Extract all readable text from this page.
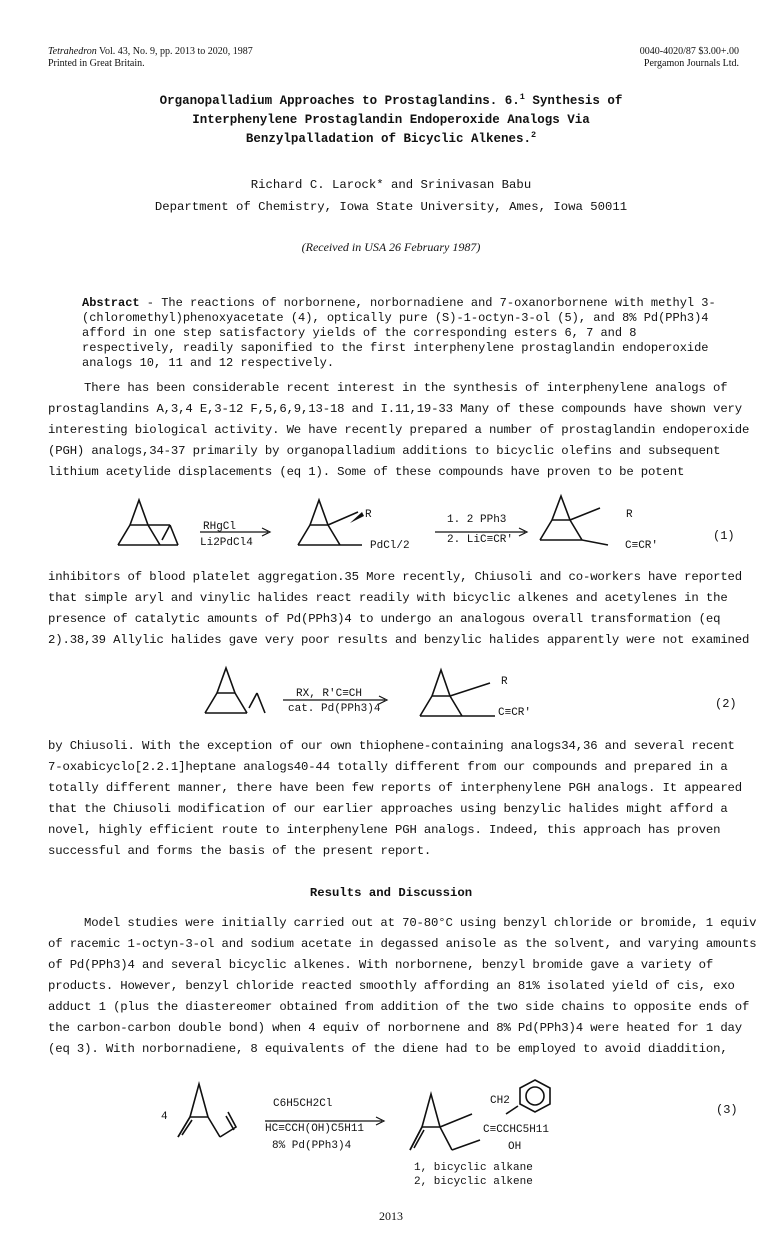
Tetrahedron Vol. 43, No. 9, pp. 2013 to 2020, 1987
Printed in Great Britain.
0040-4020/87 $3.00+.00
Pergamon Journals Ltd.
Organopalladium Approaches to Prostaglandins. 6.$^1$ Synthesis of
Interphenylene Prostaglandin Endoperoxide Analogs Via
Benzylpalladation of Bicyclic Alkenes.$^2$
Richard C. Larock* and Srinivasan Babu
Department of Chemistry, Iowa State University, Ames, Iowa 50011
(Received in USA 26 February 1987)

Abstract - The reactions of norbornene, norbornadiene and 7-oxanorbornene with methyl 3-
(chloromethyl)phenoxyacetate (4), optically pure (S)-1-octyn-3-ol (5), and 8% Pd(PPh3)4
afford in one step satisfactory yields of the corresponding esters 6, 7 and 8
respectively, readily saponified to the first interphenylene prostaglandin endoperoxide
analogs 10, 11 and 12 respectively.

There has been considerable recent interest in the synthesis of interphenylene analogs of
prostaglandins A,3,4 E,3-12 F,5,6,9,13-18 and I.11,19-33 Many of these compounds have shown very
interesting biological activity. We have recently prepared a number of prostaglandin endoperoxide
(PGH) analogs,34-37 primarily by organopalladium additions to bicyclic olefins and subsequent
lithium acetylide displacements (eq 1). Some of these compounds have proven to be potent
RHgCl
Li2PdCl4
R
PdCl/2
1. 2 PPh3
2. LiC≡CR'
R
C≡CR'
(1)
inhibitors of blood platelet aggregation.35 More recently, Chiusoli and co-workers have reported
that simple aryl and vinylic halides react readily with bicyclic alkenes and acetylenes in the
presence of catalytic amounts of Pd(PPh3)4 to undergo an analogous overall transformation (eq
2).38,39 Allylic halides gave very poor results and benzylic halides apparently were not examined
RX, R'C≡CH
cat. Pd(PPh3)4
R
C≡CR'
(2)
by Chiusoli. With the exception of our own thiophene-containing analogs34,36 and several recent
7-oxabicyclo[2.2.1]heptane analogs40-44 totally different from our compounds and prepared in a
totally different manner, there have been few reports of interphenylene PGH analogs. It appeared
that the Chiusoli modification of our earlier approaches using benzylic halides might afford a
novel, highly efficient route to interphenylene PGH analogs. Indeed, this approach has proven
successful and forms the basis of the present report.
Results and Discussion
Model studies were initially carried out at 70-80°C using benzyl chloride or bromide, 1 equiv
of racemic 1-octyn-3-ol and sodium acetate in degassed anisole as the solvent, and varying amounts
of Pd(PPh3)4 and several bicyclic alkenes. With norbornene, benzyl bromide gave a variety of
products. However, benzyl chloride reacted smoothly affording an 81% isolated yield of cis, exo
adduct 1 (plus the diastereomer obtained from addition of the two side chains to opposite ends of
the carbon-carbon double bond) when 4 equiv of norbornene and 8% Pd(PPh3)4 were heated for 1 day
(eq 3). With norbornadiene, 8 equivalents of the diene had to be employed to avoid diaddition,
4
C6H5CH2Cl
HC≡CCH(OH)C5H11
8% Pd(PPh3)4
CH2
C≡CCHC5H11
OH
1, bicyclic alkane
2, bicyclic alkene
(3)
2013
